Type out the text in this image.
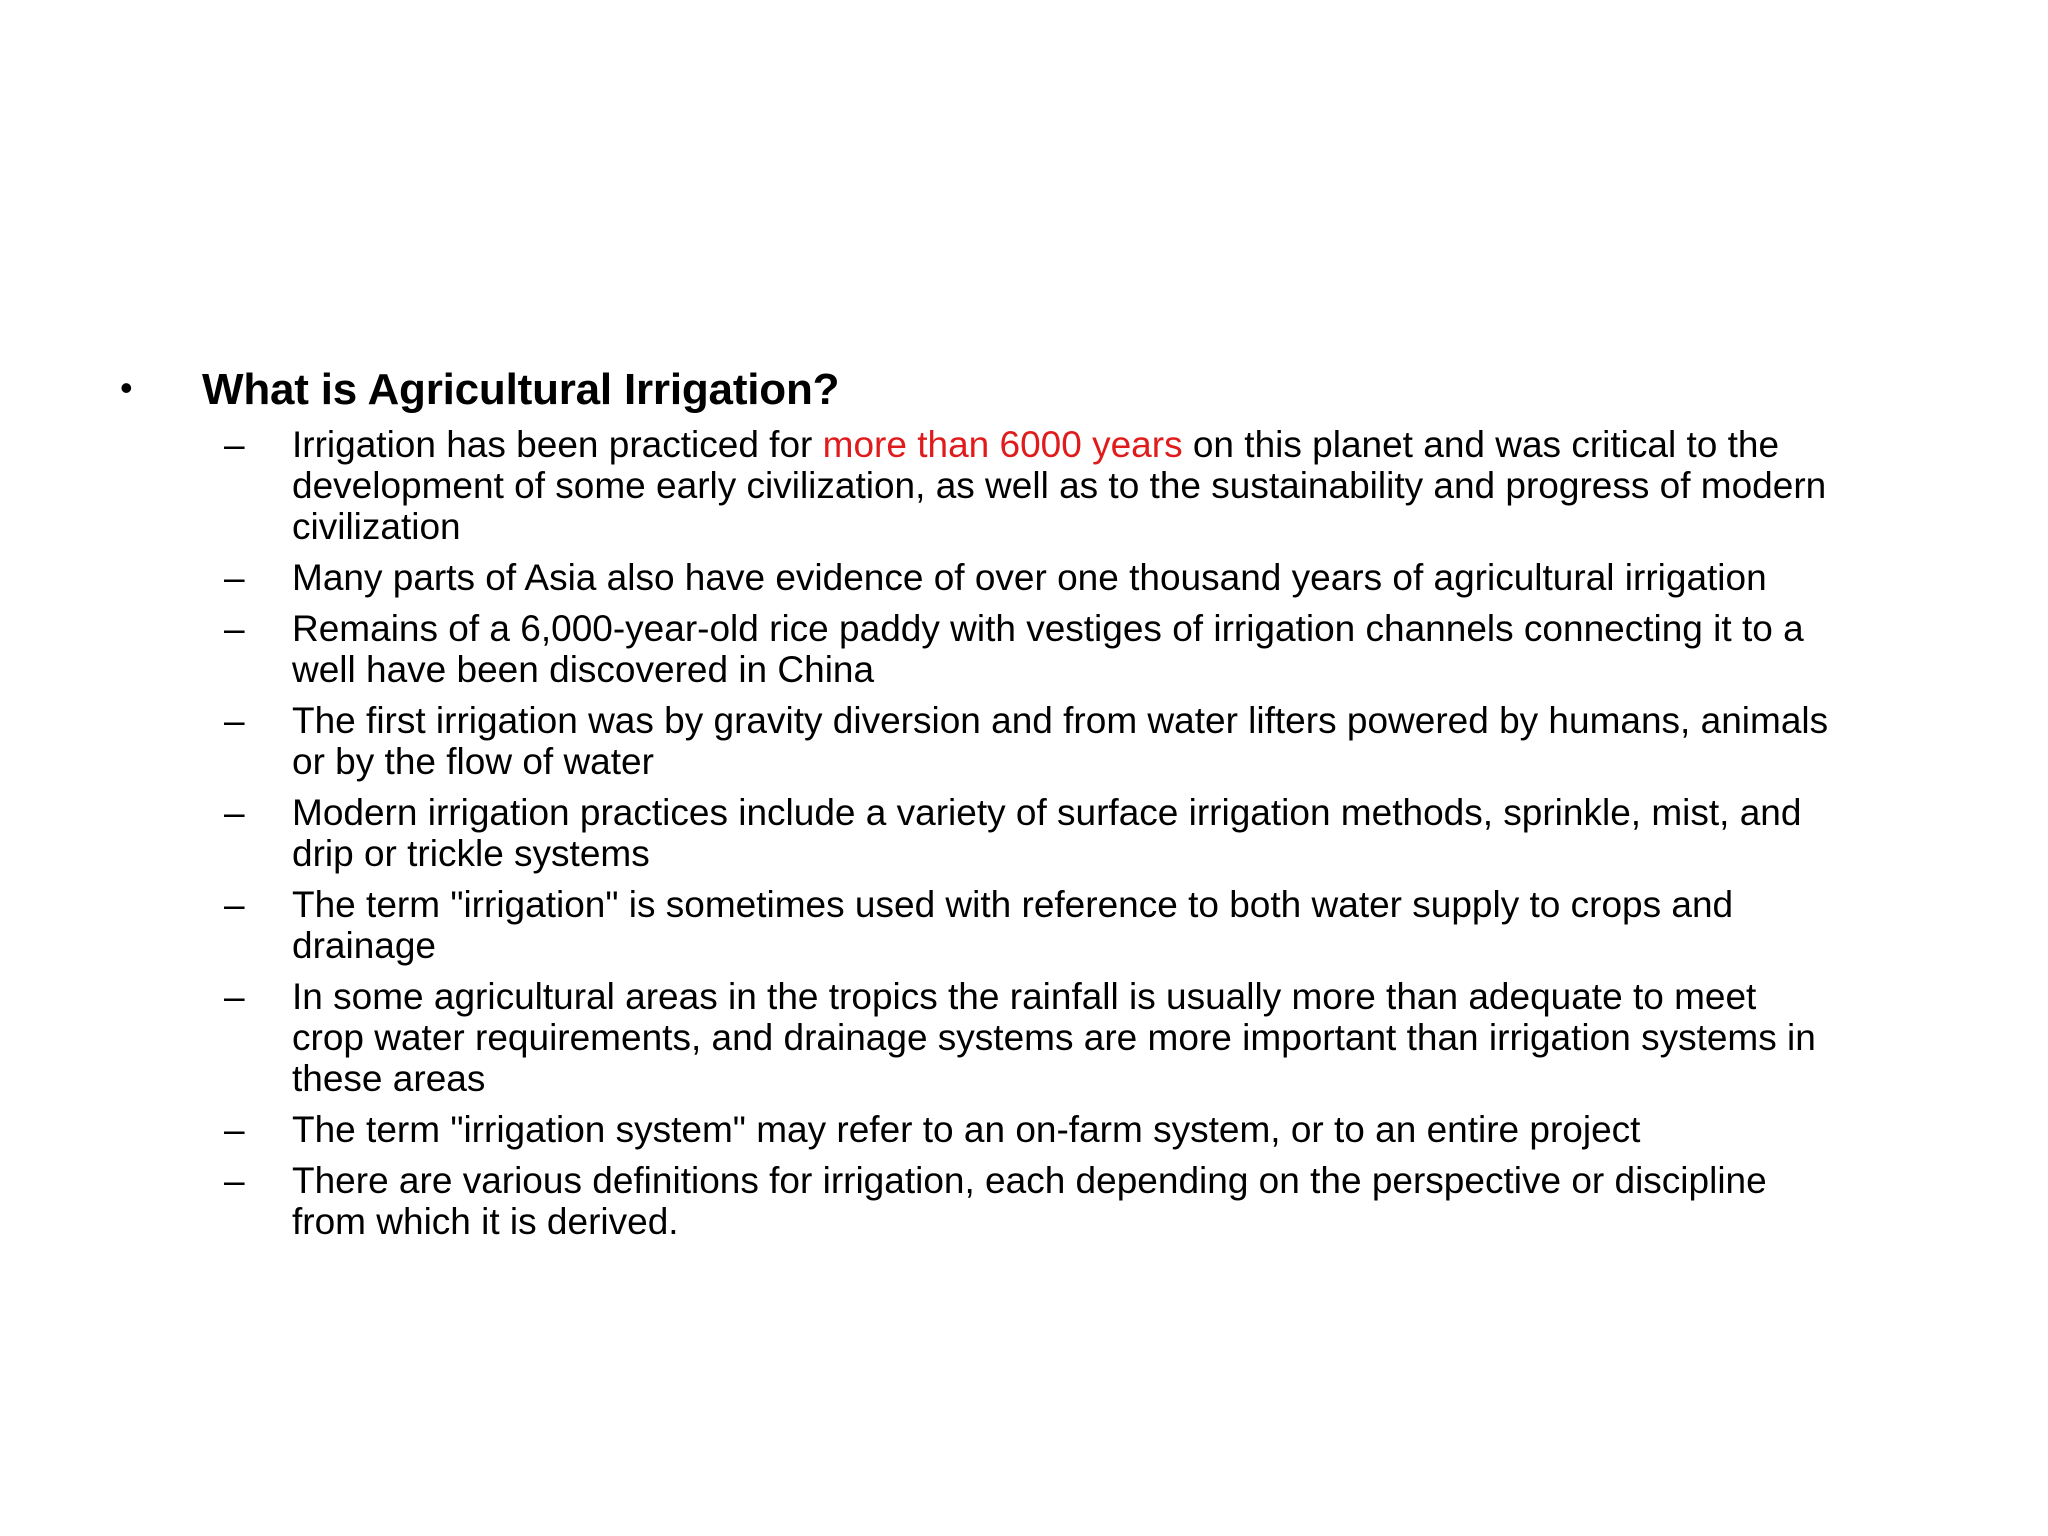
• What is Agricultural Irrigation?
– Irrigation has been practiced for more than 6000 years on this planet and was critical to the
development of some early civilization, as well as to the sustainability and progress of modern
civilization
– Many parts of Asia also have evidence of over one thousand years of agricultural irrigation
– Remains of a 6,000-year-old rice paddy with vestiges of irrigation channels connecting it to a
well have been discovered in China
– The first irrigation was by gravity diversion and from water lifters powered by humans, animals
or by the flow of water
– Modern irrigation practices include a variety of surface irrigation methods, sprinkle, mist, and
drip or trickle systems
– The term "irrigation" is sometimes used with reference to both water supply to crops and
drainage
– In some agricultural areas in the tropics the rainfall is usually more than adequate to meet
crop water requirements, and drainage systems are more important than irrigation systems in
these areas
– The term "irrigation system" may refer to an on-farm system, or to an entire project
– There are various definitions for irrigation, each depending on the perspective or discipline
from which it is derived.
